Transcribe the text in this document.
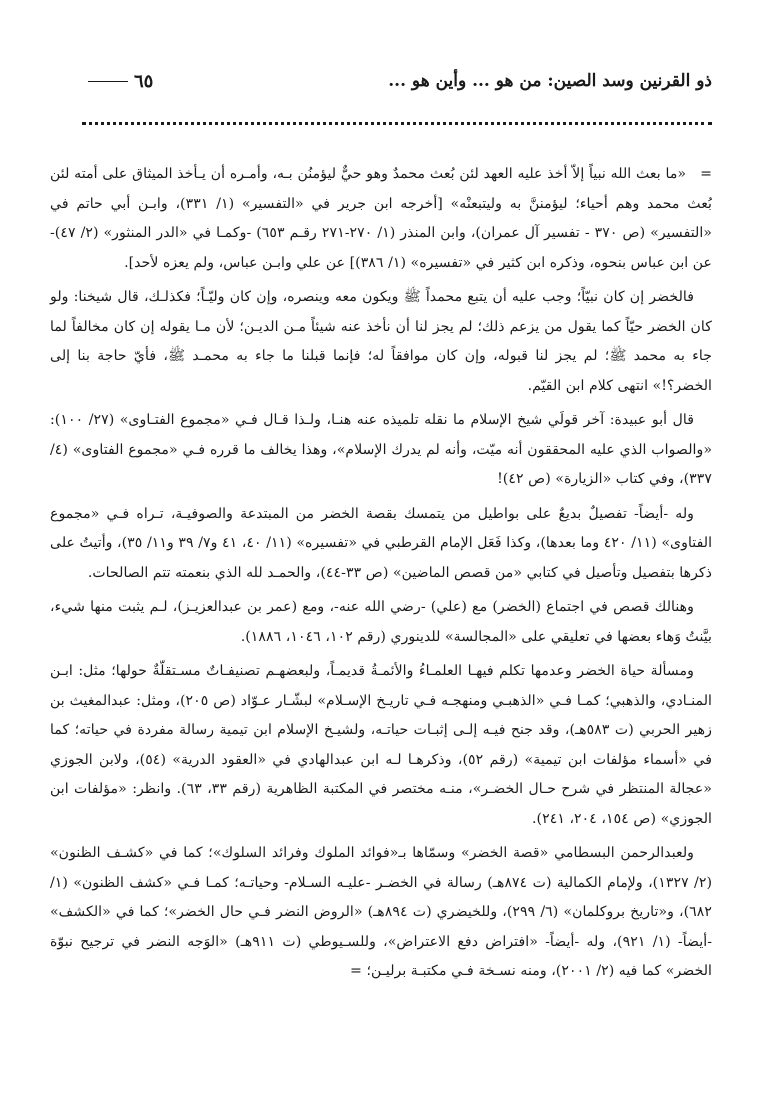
ذو القرنين وسد الصين: من هو ... وأين هو ...
٦٥

=«ما بعث الله نبياً إلاّ أخذ عليه العهد لئن بُعث محمدٌ وهو حيٌّ ليؤمنُن بـه، وأمـره أن يـأخذ الميثاق على أمته لئن بُعث محمد وهم أحياء؛ ليؤمننَّ به وليتبعنْه» [أخرجه ابن جرير في «التفسير» (١/ ٣٣١)، وابـن أبي حاتم في «التفسير» (ص ٣٧٠ - تفسير آل عمران)، وابن المنذر (١/ ٢٧٠-٢٧١ رقـم ٦٥٣) -وكمـا في «الدر المنثور» (٢/ ٤٧)- عن ابن عباس بنحوه، وذكره ابن كثير في «تفسيره» (١/ ٣٨٦)] عن علي وابـن عباس، ولم يعزه لأحد].

فالخضر إن كان نبيّاً؛ وجب عليه أن يتبع محمداً ﷺ ويكون معه وينصره، وإن كان وليّـاً؛ فكذلـك، قال شيخنا: ولو كان الخضر حيّاً كما يقول من يزعم ذلك؛ لم يجز لنا أن نأخذ عنه شيئاً مـن الديـن؛ لأن مـا يقوله إن كان مخالفاً لما جاء به محمد ﷺ؛ لم يجز لنا قبوله، وإن كان موافقاً له؛ فإنما قبلنا ما جاء به محمـد ﷺ، فأيّ حاجة بنا إلى الخضر؟!» انتهى كلام ابن القيّم.

قال أبو عبيدة: آخر قولَي شيخ الإسلام ما نقله تلميذه عنه هنـا، ولـذا قـال فـي «مجموع الفتـاوى» (٢٧/ ١٠٠): «والصواب الذي عليه المحققون أنه ميّت، وأنه لم يدرك الإسلام»، وهذا يخالف ما قرره فـي «مجموع الفتاوى» (٤/ ٣٣٧)، وفي كتاب «الزيارة» (ص ٤٢)!

وله -أيضاً- تفصيلٌ بديعٌ على بواطيل من يتمسك بقصة الخضر من المبتدعة والصوفيـة، تـراه فـي «مجموع الفتاوى» (١١/ ٤٢٠ وما بعدها)، وكذا فَعَل الإمام القرطبي في «تفسيره» (١١/ ٤٠، ٤١ و٧/ ٣٩ و١١/ ٣٥)، وأتيتُ على ذكرها بتفصيل وتأصيل في كتابي «من قصص الماضين» (ص ٣٣-٤٤)، والحمـد لله الذي بنعمته تتم الصالحات.

وهنالك قصص في اجتماع (الخضر) مع (علي) -رضي الله عنه-، ومع (عمر بن عبدالعزيـز)، لـم يثبت منها شيء، بيَّنتُ وَهاء بعضها في تعليقي على «المجالسة» للدينوري (رقم ١٠٢، ١٠٤٦، ١٨٨٦).

ومسألة حياة الخضر وعدمها تكلم فيهـا العلمـاءُ والأئمـةُ قديمـاً، ولبعضهـم تصنيفـاتٌ مسـتقلّةٌ حولها؛ مثل: ابـن المنـادي، والذهبي؛ كمـا فـي «الذهبـي ومنهجـه فـي تاريـخ الإسـلام» لبشّـار عـوّاد (ص ٢٠٥)، ومثل: عبدالمغيث بن زهير الحربي (ت ٥٨٣هـ)، وقد جنح فيـه إلـى إثبـات حياتـه، ولشيـخ الإسلام ابن تيمية رسالة مفردة في حياته؛ كما في «أسماء مؤلفات ابن تيمية» (رقم ٥٢)، وذكرهـا لـه ابن عبدالهادي في «العقود الدرية» (٥٤)، ولابن الجوزي «عجالة المنتظر في شرح حـال الخضـر»، منـه مختصر في المكتبة الظاهرية (رقم ٣٣، ٦٣). وانظر: «مؤلفات ابن الجوزي» (ص ١٥٤، ٢٠٤، ٢٤١).

ولعبدالرحمن البسطامي «قصة الخضر» وسمّاها بـ«فوائد الملوك وفرائد السلوك»؛ كما في «كشـف الظنون» (٢/ ١٣٢٧)، ولإمام الكمالية (ت ٨٧٤هـ) رسالة في الخضـر -عليـه السـلام- وحياتـه؛ كمـا فـي «كشف الظنون» (١/ ٦٨٢)، و«تاريخ بروكلمان» (٦/ ٢٩٩)، وللخيضري (ت ٨٩٤هـ) «الروض النضر فـي حال الخضر»؛ كما في «الكشف» -أيضاً- (١/ ٩٢١)، وله -أيضاً- «افتراض دفع الاعتراض»، وللسـيوطي (ت ٩١١هـ) «الوَجه النضر في ترجيح نبوّة الخضر» كما فيه (٢/ ٢٠٠١)، ومنه نسـخة فـي مكتبـة برليـن؛ =
